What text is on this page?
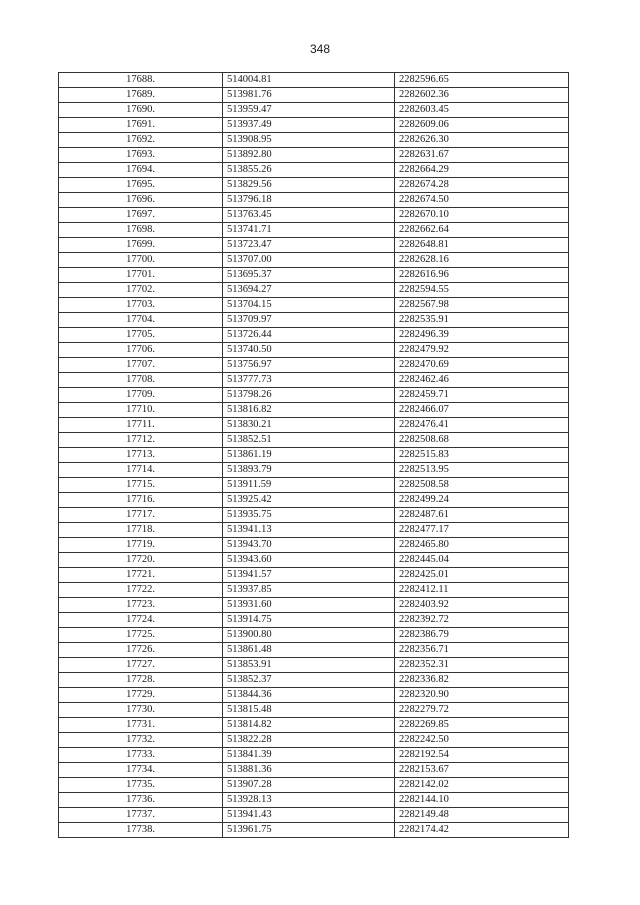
348
17688.	514004.81	2282596.65
17689.	513981.76	2282602.36
17690.	513959.47	2282603.45
17691.	513937.49	2282609.06
17692.	513908.95	2282626.30
17693.	513892.80	2282631.67
17694.	513855.26	2282664.29
17695.	513829.56	2282674.28
17696.	513796.18	2282674.50
17697.	513763.45	2282670.10
17698.	513741.71	2282662.64
17699.	513723.47	2282648.81
17700.	513707.00	2282628.16
17701.	513695.37	2282616.96
17702.	513694.27	2282594.55
17703.	513704.15	2282567.98
17704.	513709.97	2282535.91
17705.	513726.44	2282496.39
17706.	513740.50	2282479.92
17707.	513756.97	2282470.69
17708.	513777.73	2282462.46
17709.	513798.26	2282459.71
17710.	513816.82	2282466.07
17711.	513830.21	2282476.41
17712.	513852.51	2282508.68
17713.	513861.19	2282515.83
17714.	513893.79	2282513.95
17715.	513911.59	2282508.58
17716.	513925.42	2282499.24
17717.	513935.75	2282487.61
17718.	513941.13	2282477.17
17719.	513943.70	2282465.80
17720.	513943.60	2282445.04
17721.	513941.57	2282425.01
17722.	513937.85	2282412.11
17723.	513931.60	2282403.92
17724.	513914.75	2282392.72
17725.	513900.80	2282386.79
17726.	513861.48	2282356.71
17727.	513853.91	2282352.31
17728.	513852.37	2282336.82
17729.	513844.36	2282320.90
17730.	513815.48	2282279.72
17731.	513814.82	2282269.85
17732.	513822.28	2282242.50
17733.	513841.39	2282192.54
17734.	513881.36	2282153.67
17735.	513907.28	2282142.02
17736.	513928.13	2282144.10
17737.	513941.43	2282149.48
17738.	513961.75	2282174.42
